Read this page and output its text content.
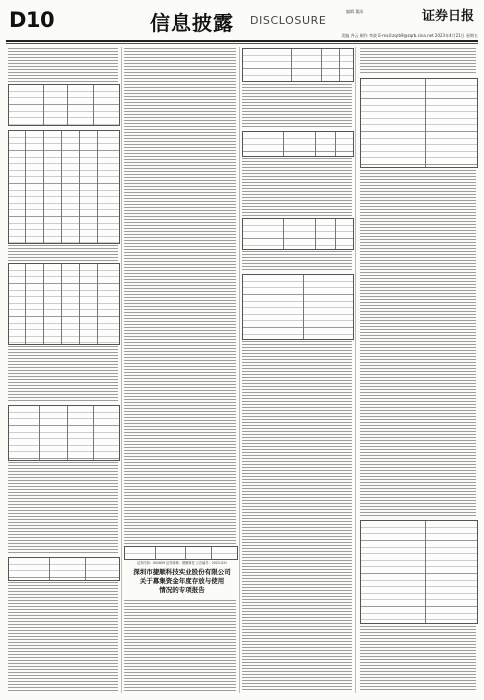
D10	信息披露 DISCLOSURE
编辑 董添	证券日报
美编 齐云 制作 李波 E-mail:zqrb9@zqrb.sina.net 2023年4月21日 星期五
证券代码：002609 证券简称：捷顺科技 公告编号：2023-031
深圳市捷顺科技实业股份有限公司
关于募集资金年度存放与使用
情况的专项报告
